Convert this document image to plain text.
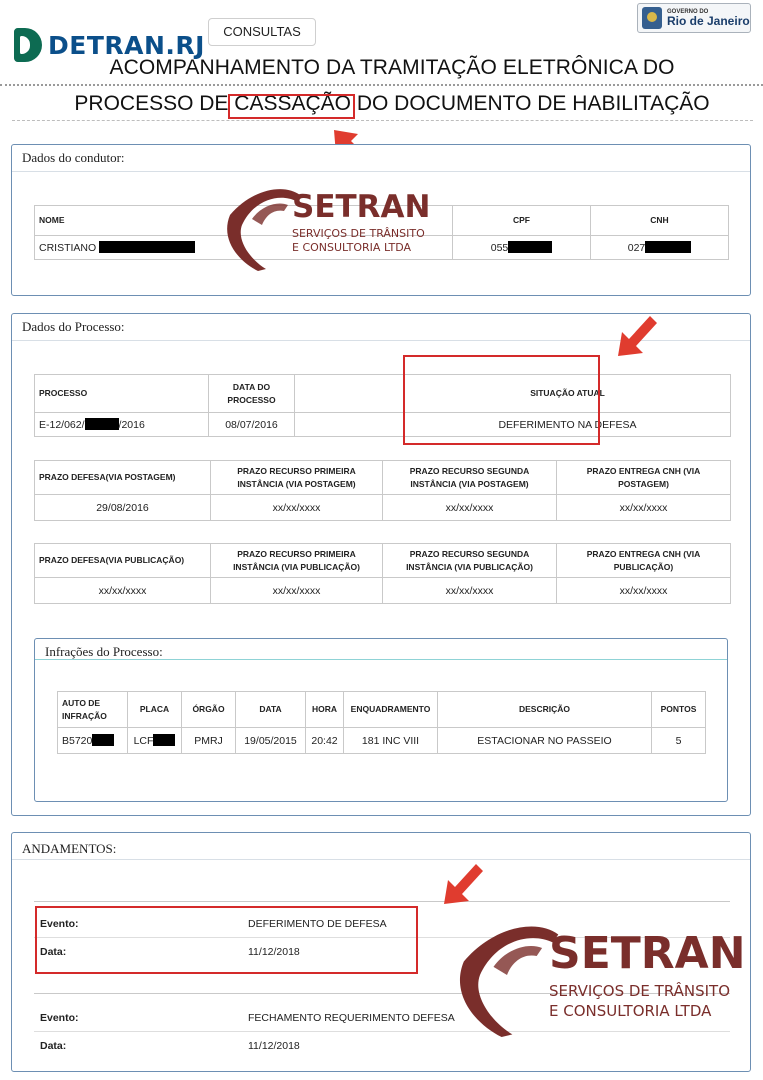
DETRAN.RJ	CONSULTAS
GOVERNO DO
Rio de Janeiro
ACOMPANHAMENTO DA TRAMITAÇÃO ELETRÔNICA DO
PROCESSO DE CASSAÇÃO DO DOCUMENTO DE HABILITAÇÃO
Dados do condutor:
NOME	CPF	CNH
CRISTIANO	055	027
SETRAN
SERVIÇOS DE TRÂNSITO
E CONSULTORIA LTDA
Dados do Processo:
PROCESSO	DATA DO PROCESSO		SITUAÇÃO ATUAL
E-12/062/ /2016	08/07/2016		DEFERIMENTO NA DEFESA
PRAZO DEFESA(VIA POSTAGEM)	PRAZO RECURSO PRIMEIRA INSTÂNCIA (VIA POSTAGEM)	PRAZO RECURSO SEGUNDA INSTÂNCIA (VIA POSTAGEM)	PRAZO ENTREGA CNH (VIA POSTAGEM)
29/08/2016	xx/xx/xxxx	xx/xx/xxxx	xx/xx/xxxx
PRAZO DEFESA(VIA PUBLICAÇÃO)	PRAZO RECURSO PRIMEIRA INSTÂNCIA (VIA PUBLICAÇÃO)	PRAZO RECURSO SEGUNDA INSTÂNCIA (VIA PUBLICAÇÃO)	PRAZO ENTREGA CNH (VIA PUBLICAÇÃO)
xx/xx/xxxx	xx/xx/xxxx	xx/xx/xxxx	xx/xx/xxxx
Infrações do Processo:
AUTO DE INFRAÇÃO	PLACA	ÓRGÃO	DATA	HORA	ENQUADRAMENTO	DESCRIÇÃO	PONTOS
B5720	LCF	PMRJ	19/05/2015	20:42	181 INC VIII	ESTACIONAR NO PASSEIO	5
ANDAMENTOS:
Evento:	DEFERIMENTO DE DEFESA
Data:	11/12/2018
Evento:	FECHAMENTO REQUERIMENTO DEFESA
Data:	11/12/2018
SETRAN
SERVIÇOS DE TRÂNSITO
E CONSULTORIA LTDA
